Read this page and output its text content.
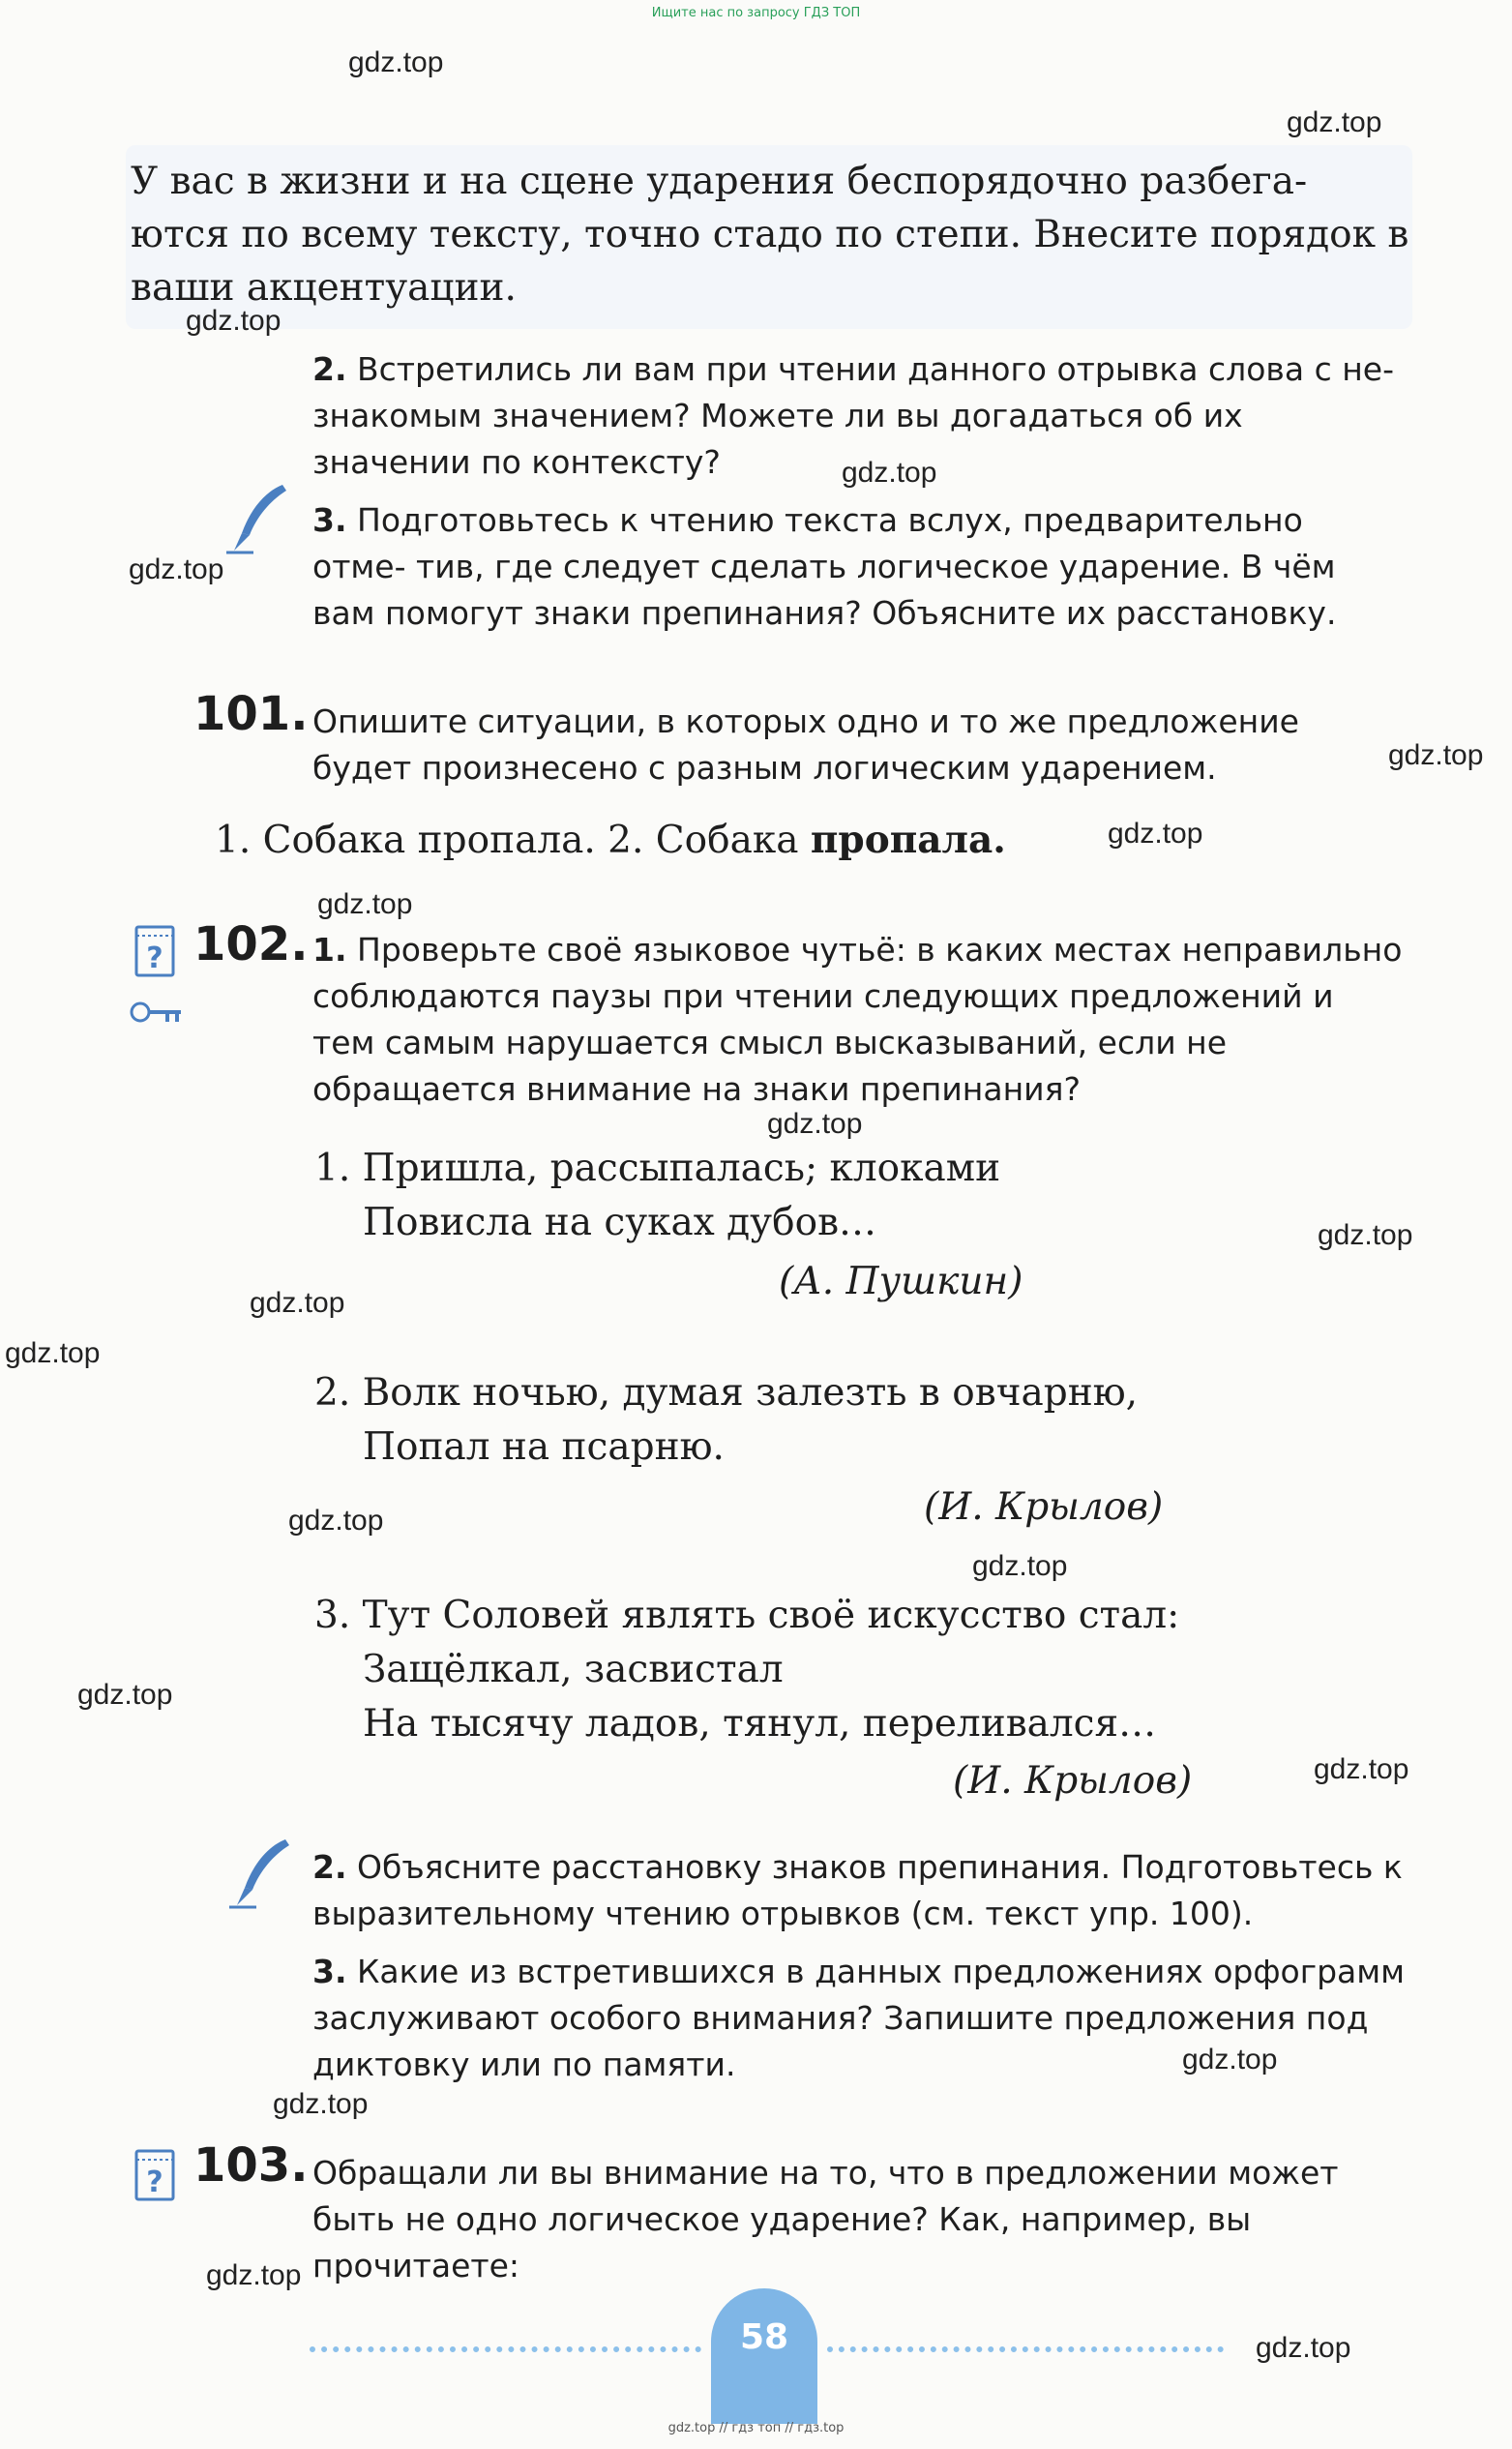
Ищите нас по запросу ГДЗ ТОП
gdz.top
gdz.top
gdz.top
gdz.top
gdz.top
gdz.top
gdz.top
gdz.top
gdz.top
gdz.top
gdz.top
gdz.top
gdz.top
gdz.top
gdz.top
gdz.top
gdz.top
gdz.top
gdz.top
gdz.top
У вас в жизни и на сцене ударения беспорядочно разбега- ются по всему тексту, точно стадо по степи. Внесите порядок в ваши акцентуации.
2. Встретились ли вам при чтении данного отрывка слова с не- знакомым значением? Можете ли вы догадаться об их значении по контексту?
3. Подготовьтесь к чтению текста вслух, предварительно отме- тив, где следует сделать логическое ударение. В чём вам помогут знаки препинания? Объясните их расстановку.
101. Опишите ситуации, в которых одно и то же предложение будет произнесено с разным логическим ударением.
1. Собака пропала. 2. Собака пропала.
? 102. 1. Проверьте своё языковое чутьё: в каких местах неправильно соблюдаются паузы при чтении следующих предложений и тем самым нарушается смысл высказываний, если не обращается внимание на знаки препинания?
1. Пришла, рассыпалась; клоками
Повисла на суках дубов…
(А. Пушкин)
2. Волк ночью, думая залезть в овчарню,
Попал на псарню.
(И. Крылов)
3. Тут Соловей являть своё искусство стал:
Защёлкал, засвистал
На тысячу ладов, тянул, переливался…
(И. Крылов)
2. Объясните расстановку знаков препинания. Подготовьтесь к выразительному чтению отрывков (см. текст упр. 100).
3. Какие из встретившихся в данных предложениях орфограмм заслуживают особого внимания? Запишите предложения под диктовку или по памяти.
? 103. Обращали ли вы внимание на то, что в предложении может быть не одно логическое ударение? Как, например, вы прочитаете:
58
gdz.top // гдз топ // гдз.top
